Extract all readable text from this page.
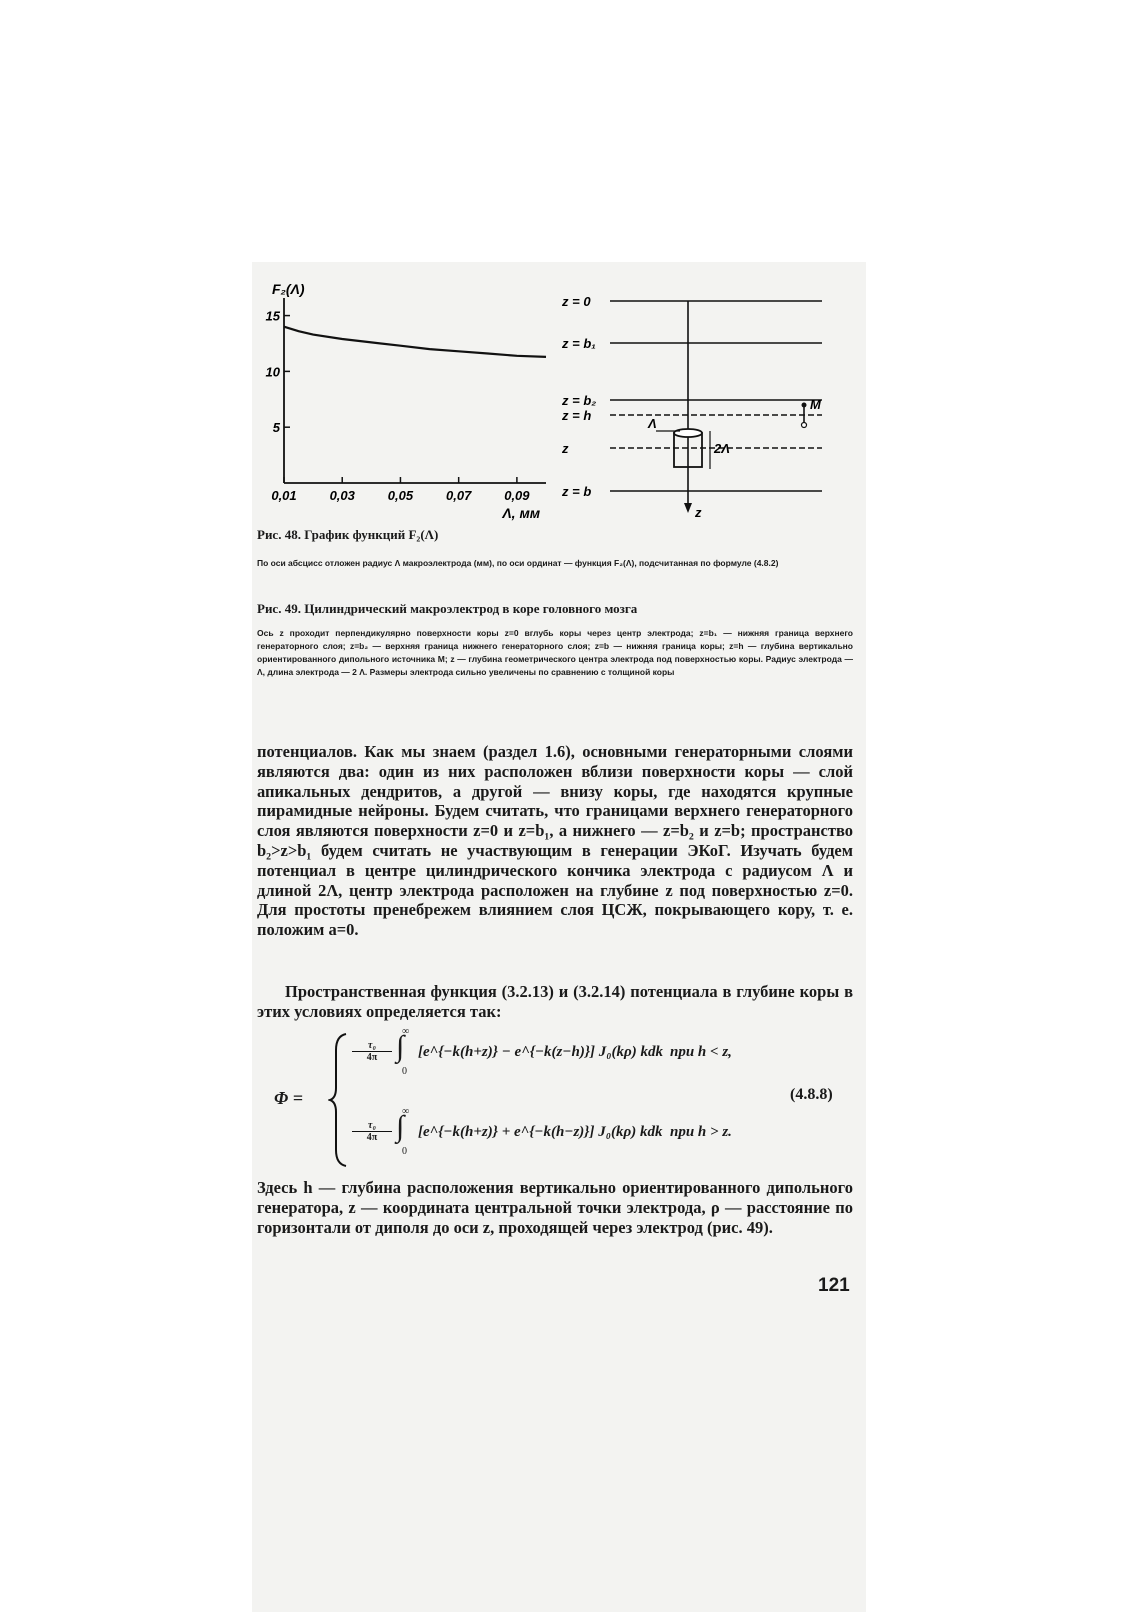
5
10
15
0,01	0,03	0,05	0,07	0,09
F₂(Λ)
Λ, мм	z
z = 0
z = b₁
z = b₂
z = h
z
z = b
Λ
2Λ
M
Рис. 48. График функций F₂(Λ)
По оси абсцисс отложен радиус Λ макроэлектрода (мм), по оси ординат — функция F₂(Λ), подсчитанная по формуле (4.8.2)
Рис. 49. Цилиндрический макроэлектрод в коре головного мозга
Ось z проходит перпендикулярно поверхности коры z=0 вглубь коры через центр электрода; z=b₁ — нижняя граница верхнего генераторного слоя; z=b₂ — верхняя граница нижнего генераторного слоя; z=b — нижняя граница коры; z=h — глубина вертикально ориентированного дипольного источника M; z — глубина геометрического центра электрода под поверхностью коры. Радиус электрода — Λ, длина электрода — 2 Λ. Размеры электрода сильно увеличены по сравнению с толщиной коры
потенциалов. Как мы знаем (раздел 1.6), основными генераторными слоями являются два: один из них расположен вблизи поверхности коры — слой апикальных дендритов, а другой — внизу коры, где находятся крупные пирамидные нейроны. Будем считать, что границами верхнего генераторного слоя являются поверхности z=0 и z=b₁, а нижнего — z=b₂ и z=b; пространство b₂>z>b₁ будем считать не участвующим в генерации ЭКоГ. Изучать будем потенциал в центре цилиндрического кончика электрода с радиусом Λ и длиной 2Λ, центр электрода расположен на глубине z под поверхностью z=0. Для простоты пренебрежем влиянием слоя ЦСЖ, покрывающего кору, т. е. положим a=0.
Пространственная функция (3.2.13) и (3.2.14) потенциала в глубине коры в этих условиях определяется так:
Φ =
τ₀
4π ∫
∞
0
[e^{−k(h+z)} − e^{−k(z−h)}] J₀(kρ) kdk при h < z,
τ₀
4π ∫
∞
0
[e^{−k(h+z)} + e^{−k(h−z)}] J₀(kρ) kdk при h > z.
(4.8.8)
Здесь h — глубина расположения вертикально ориентированного дипольного генератора, z — координата центральной точки электрода, ρ — расстояние по горизонтали от диполя до оси z, проходящей через электрод (рис. 49).
121
